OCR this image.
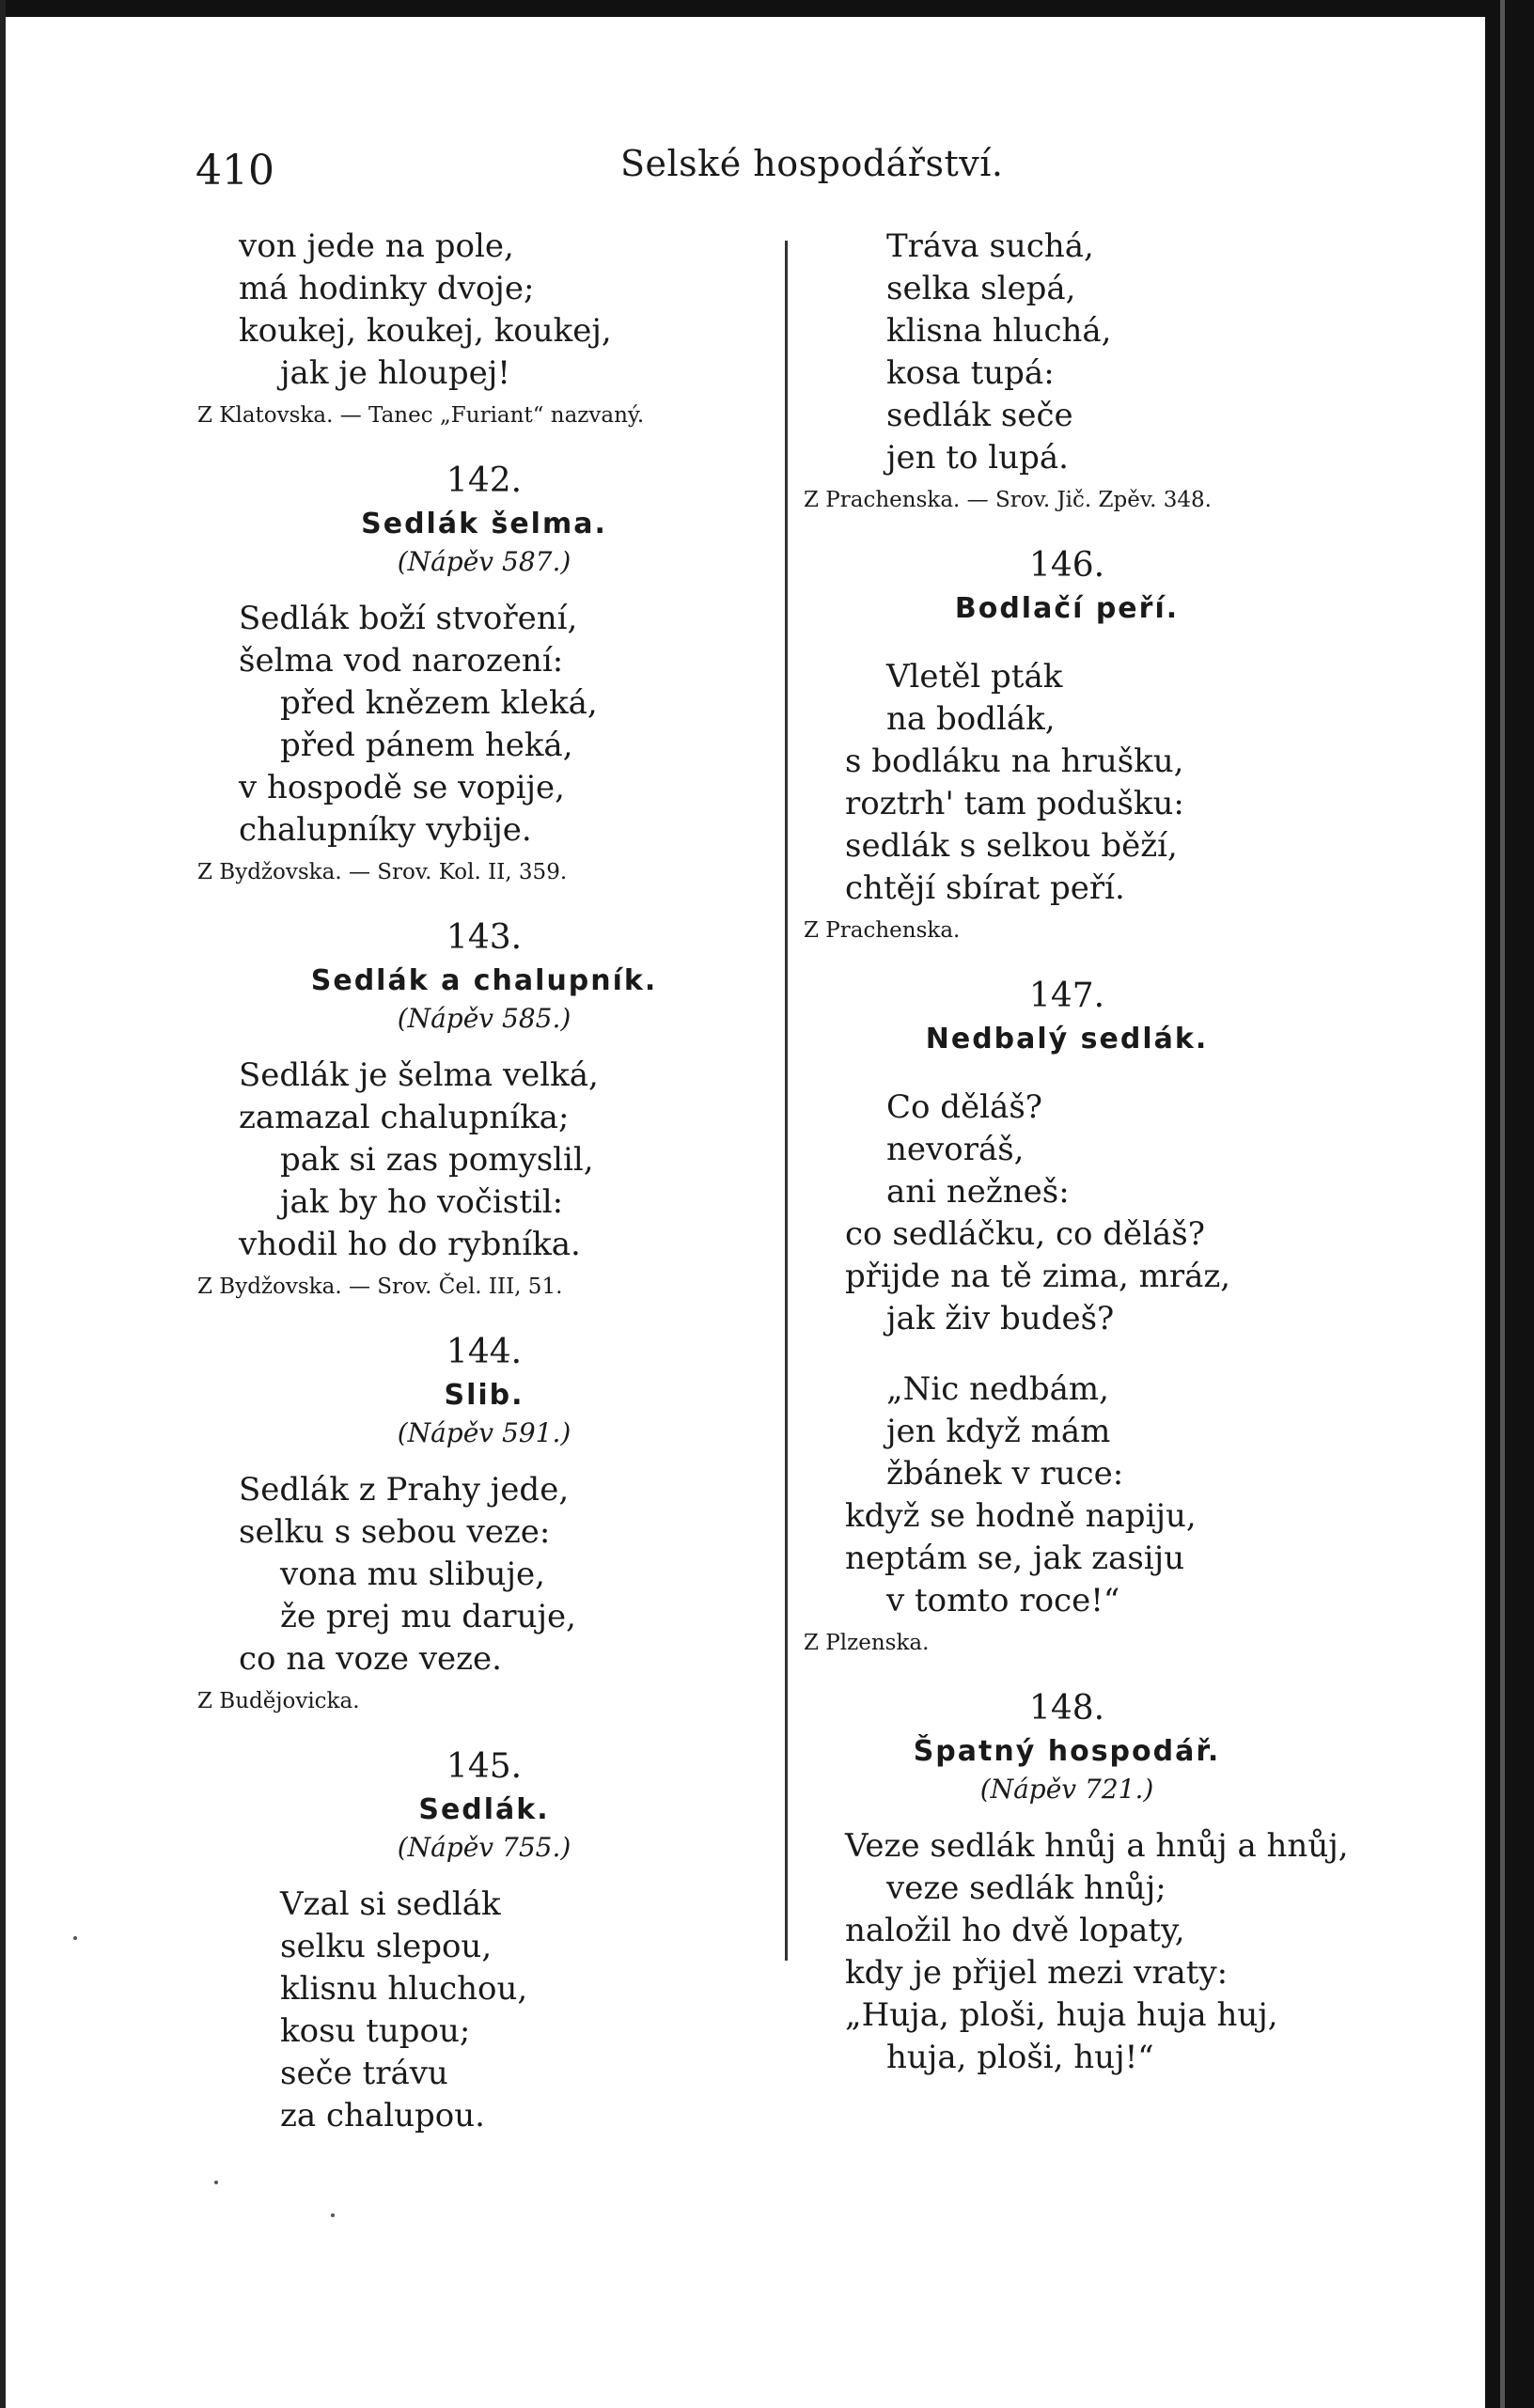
410	Selské hospodářství.
von jede na pole,
má hodinky dvoje;
koukej, koukej, koukej,
jak je hloupej!
Z Klatovska. — Tanec „Furiant“ nazvaný.
142.
Sedlák šelma.
(Nápěv 587.)
Sedlák boží stvoření,
šelma vod narození:
před knězem kleká,
před pánem heká,
v hospodě se vopije,
chalupníky vybije.
Z Bydžovska. — Srov. Kol. II, 359.
143.
Sedlák a chalupník.
(Nápěv 585.)
Sedlák je šelma velká,
zamazal chalupníka;
pak si zas pomyslil,
jak by ho vočistil:
vhodil ho do rybníka.
Z Bydžovska. — Srov. Čel. III, 51.
144.
Slib.
(Nápěv 591.)
Sedlák z Prahy jede,
selku s sebou veze:
vona mu slibuje,
že prej mu daruje,
co na voze veze.
Z Budějovicka.
145.
Sedlák.
(Nápěv 755.)
Vzal si sedlák
selku slepou,
klisnu hluchou,
kosu tupou;
seče trávu
za chalupou.
Tráva suchá,
selka slepá,
klisna hluchá,
kosa tupá:
sedlák seče
jen to lupá.
Z Prachenska. — Srov. Jič. Zpěv. 348.
146.
Bodlačí peří.
Vletěl pták
na bodlák,
s bodláku na hrušku,
roztrh' tam podušku:
sedlák s selkou běží,
chtějí sbírat peří.
Z Prachenska.
147.
Nedbalý sedlák.
Co děláš?
nevoráš,
ani nežneš:
co sedláčku, co děláš?
přijde na tě zima, mráz,
jak živ budeš?
„Nic nedbám,
jen když mám
žbánek v ruce:
když se hodně napiju,
neptám se, jak zasiju
v tomto roce!“
Z Plzenska.
148.
Špatný hospodář.
(Nápěv 721.)
Veze sedlák hnůj a hnůj a hnůj,
veze sedlák hnůj;
naložil ho dvě lopaty,
kdy je přijel mezi vraty:
„Huja, ploši, huja huja huj,
huja, ploši, huj!“
